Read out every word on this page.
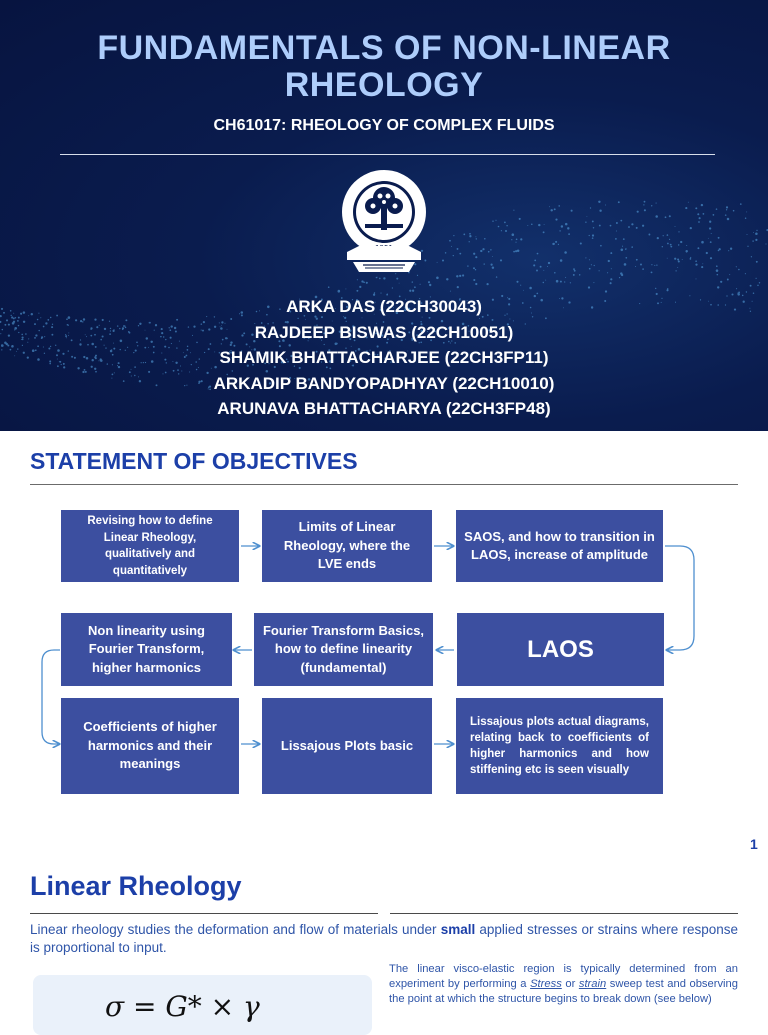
FUNDAMENTALS OF NON-LINEAR
RHEOLOGY
CH61017: RHEOLOGY OF COMPLEX FLUIDS
ARKA DAS (22CH30043)
RAJDEEP BISWAS (22CH10051)
SHAMIK BHATTACHARJEE (22CH3FP11)
ARKADIP BANDYOPADHYAY (22CH10010)
ARUNAVA BHATTACHARYA (22CH3FP48)
STATEMENT OF OBJECTIVES
Revising how to define Linear Rheology, qualitatively and quantitatively
Limits of Linear Rheology, where the LVE ends
SAOS, and how to transition in LAOS, increase of amplitude
LAOS
Fourier Transform Basics, how to define linearity (fundamental)
Non linearity using Fourier Transform, higher harmonics
Coefficients of higher harmonics and their meanings
Lissajous Plots basic
Lissajous plots actual diagrams, relating back to coefficients of higher harmonics and how stiffening etc is seen visually
1
Linear Rheology
Linear rheology studies the deformation and flow of materials under small applied stresses or strains where response is proportional to input.
σ = G* × γ
The linear visco-elastic region is typically determined from an experiment by performing a Stress or strain sweep test and observing the point at which the structure begins to break down (see below)
